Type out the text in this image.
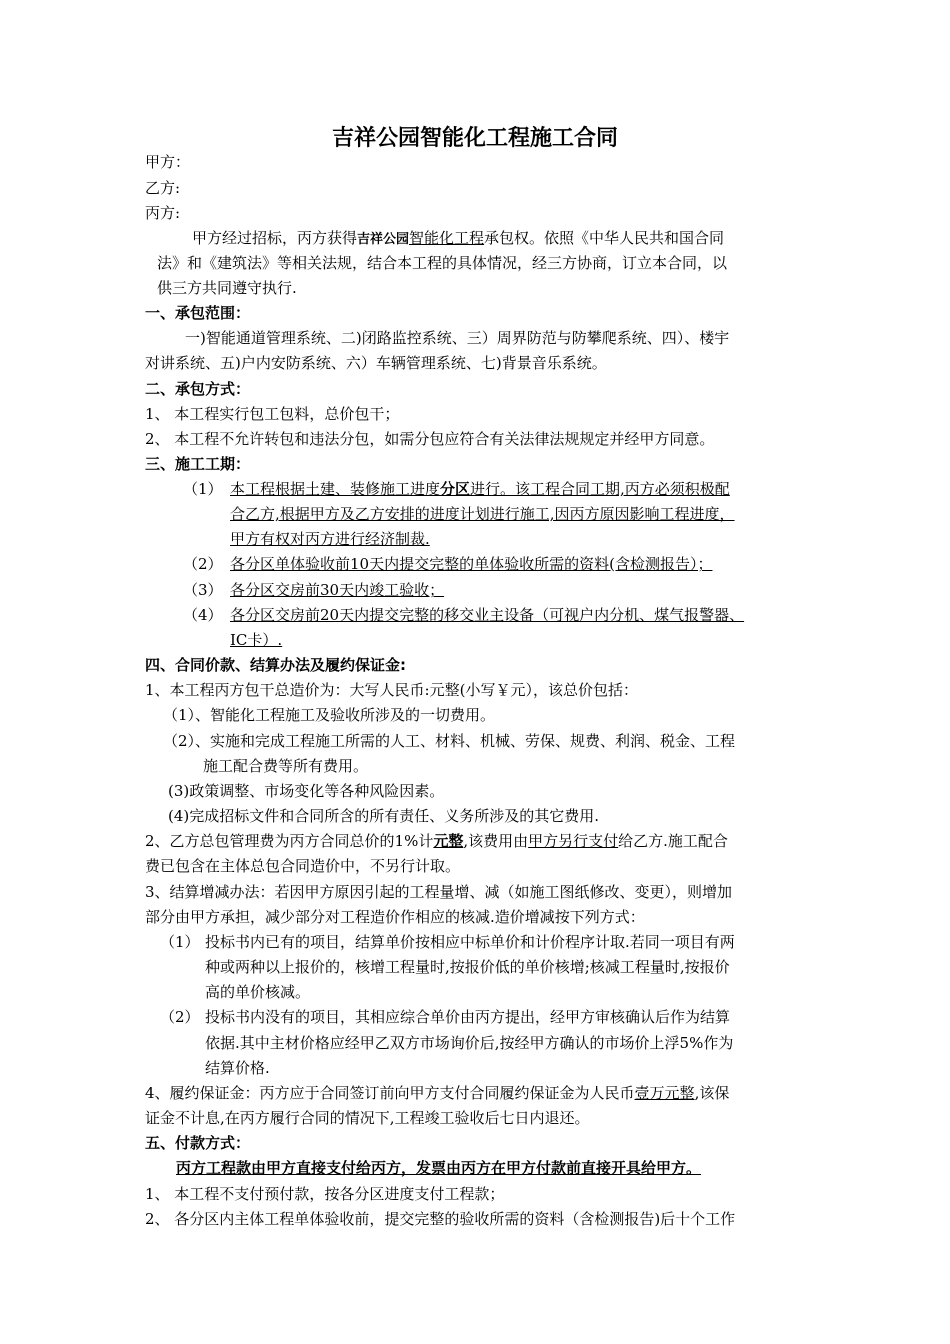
吉祥公园智能化工程施工合同
甲方：
乙方:
丙方:
甲方经过招标，丙方获得吉祥公园智能化工程承包权。依照《中华人民共和国合同
法》和《建筑法》等相关法规，结合本工程的具体情况，经三方协商，订立本合同，以
供三方共同遵守执行.
一、承包范围：
一)智能通道管理系统、二)闭路监控系统、三）周界防范与防攀爬系统、四）、楼宇
对讲系统、五)户内安防系统、六）车辆管理系统、七)背景音乐系统。
二、承包方式：
1、 本工程实行包工包料，总价包干；
2、 本工程不允许转包和违法分包，如需分包应符合有关法律法规规定并经甲方同意。
三、施工工期：
（1） 本工程根据土建、装修施工进度分区进行。该工程合同工期,丙方必须积极配
合乙方,根据甲方及乙方安排的进度计划进行施工,因丙方原因影响工程进度，
甲方有权对丙方进行经济制裁.
（2） 各分区单体验收前10天内提交完整的单体验收所需的资料(含检测报告）；
（3） 各分区交房前30天内竣工验收；
（4） 各分区交房前20天内提交完整的移交业主设备（可视户内分机、煤气报警器、
IC卡）.
四、合同价款、结算办法及履约保证金:
1、本工程丙方包干总造价为：大写人民币:元整(小写￥元），该总价包括：
（1）、智能化工程施工及验收所涉及的一切费用。
（2）、实施和完成工程施工所需的人工、材料、机械、劳保、规费、利润、税金、工程
施工配合费等所有费用。
(3)政策调整、市场变化等各种风险因素。
(4)完成招标文件和合同所含的所有责任、义务所涉及的其它费用.
2、乙方总包管理费为丙方合同总价的1%计元整,该费用由甲方另行支付给乙方.施工配合
费已包含在主体总包合同造价中，不另行计取。
3、结算增减办法：若因甲方原因引起的工程量增、减（如施工图纸修改、变更），则增加
部分由甲方承担，减少部分对工程造价作相应的核减.造价增减按下列方式：
（1） 投标书内已有的项目，结算单价按相应中标单价和计价程序计取.若同一项目有两
种或两种以上报价的，核增工程量时,按报价低的单价核增;核减工程量时,按报价
高的单价核减。
（2） 投标书内没有的项目，其相应综合单价由丙方提出，经甲方审核确认后作为结算
依据.其中主材价格应经甲乙双方市场询价后,按经甲方确认的市场价上浮5%作为
结算价格.
4、履约保证金：丙方应于合同签订前向甲方支付合同履约保证金为人民币壹万元整,该保
证金不计息,在丙方履行合同的情况下,工程竣工验收后七日内退还。
五、付款方式：
丙方工程款由甲方直接支付给丙方，发票由丙方在甲方付款前直接开具给甲方。
1、 本工程不支付预付款，按各分区进度支付工程款；
2、 各分区内主体工程单体验收前，提交完整的验收所需的资料（含检测报告)后十个工作
